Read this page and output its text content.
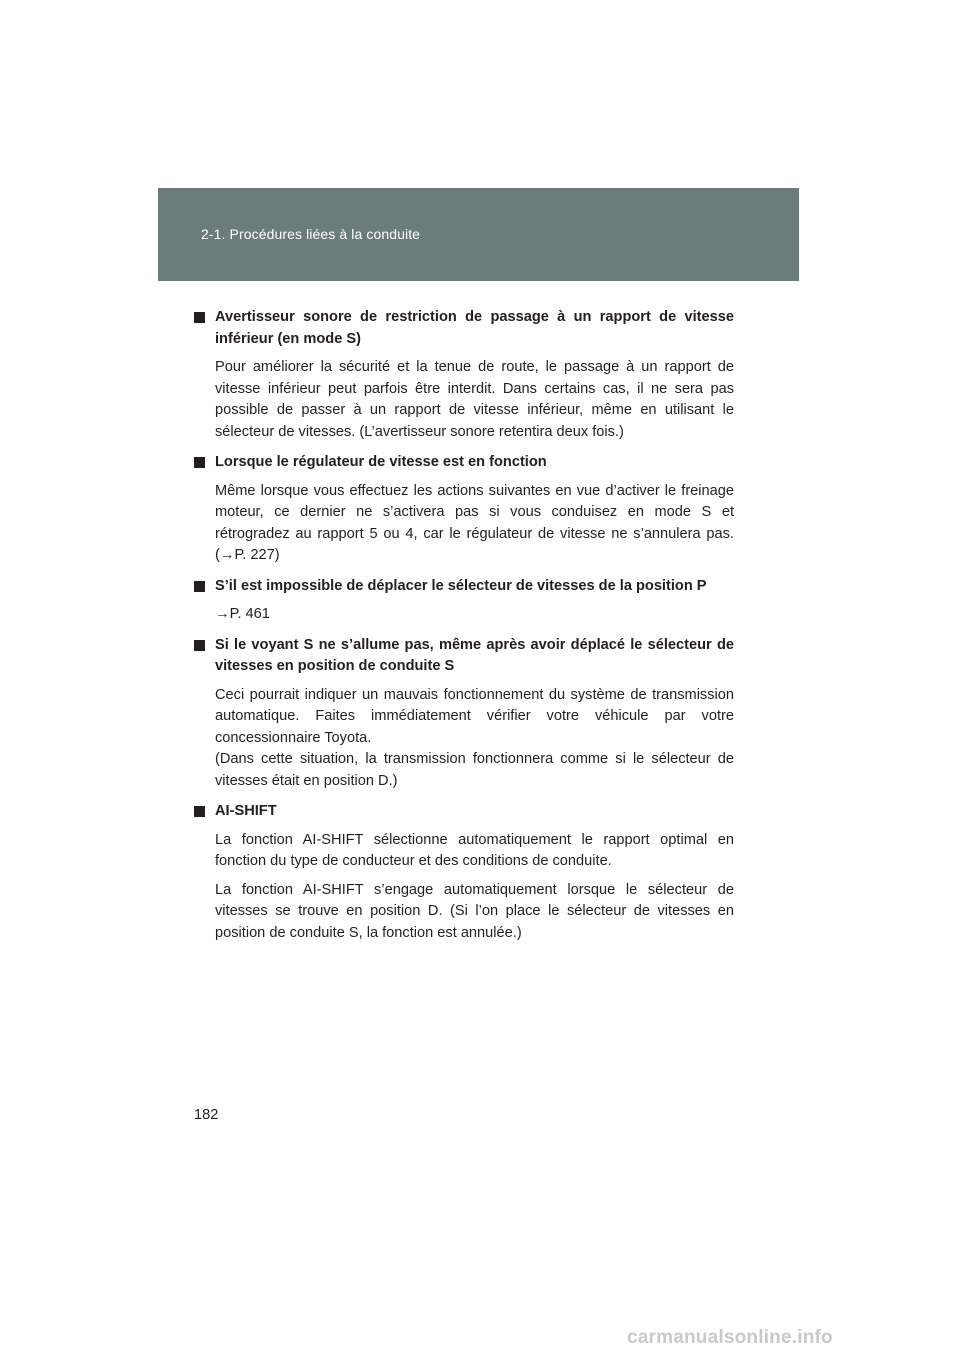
2-1. Procédures liées à la conduite

Avertisseur sonore de restriction de passage à un rapport de vitesse inférieur (en mode S)

Pour améliorer la sécurité et la tenue de route, le passage à un rapport de vitesse inférieur peut parfois être interdit. Dans certains cas, il ne sera pas possible de passer à un rapport de vitesse inférieur, même en utilisant le sélecteur de vitesses. (L’avertisseur sonore retentira deux fois.)

Lorsque le régulateur de vitesse est en fonction

Même lorsque vous effectuez les actions suivantes en vue d’activer le freinage moteur, ce dernier ne s’activera pas si vous conduisez en mode S et rétrogradez au rapport 5 ou 4, car le régulateur de vitesse ne s’annulera pas. (→P. 227)

S’il est impossible de déplacer le sélecteur de vitesses de la position P

→P. 461

Si le voyant S ne s’allume pas, même après avoir déplacé le sélecteur de vitesses en position de conduite S

Ceci pourrait indiquer un mauvais fonctionnement du système de transmission automatique. Faites immédiatement vérifier votre véhicule par votre concessionnaire Toyota.

(Dans cette situation, la transmission fonctionnera comme si le sélecteur de vitesses était en position D.)

AI-SHIFT

La fonction AI-SHIFT sélectionne automatiquement le rapport optimal en fonction du type de conducteur et des conditions de conduite.

La fonction AI-SHIFT s’engage automatiquement lorsque le sélecteur de vitesses se trouve en position D. (Si l’on place le sélecteur de vitesses en position de conduite S, la fonction est annulée.)

182
carmanualsonline.info
